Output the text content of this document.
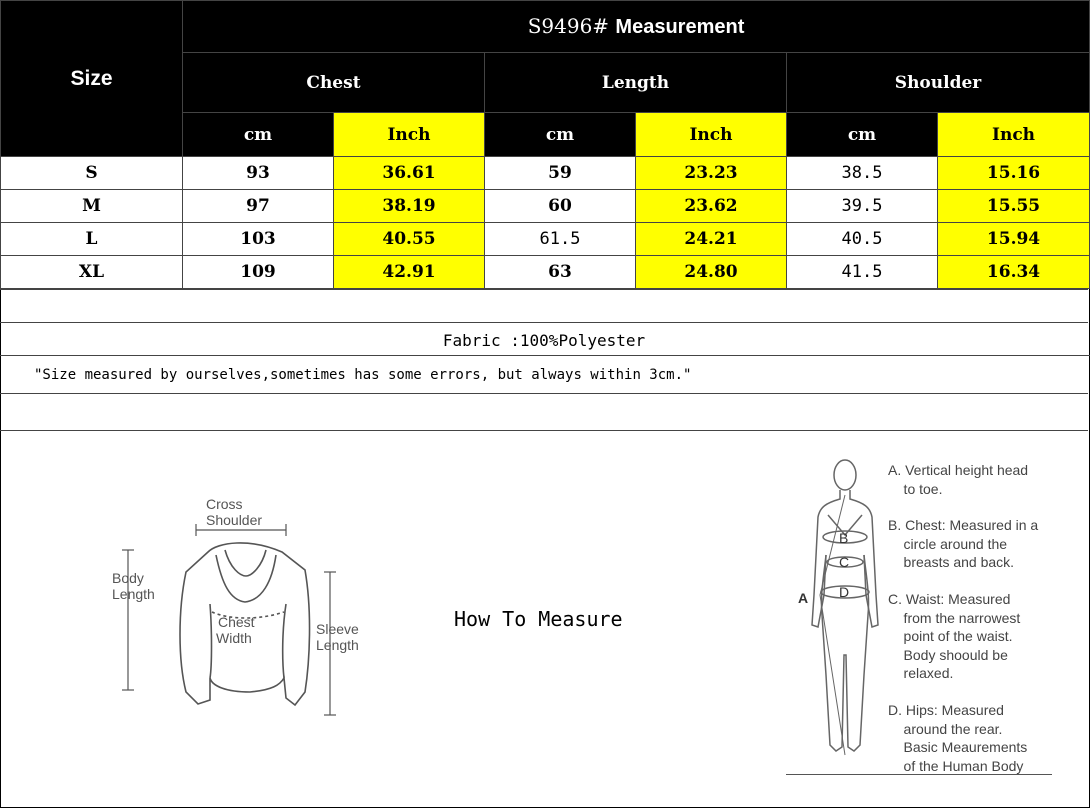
Size	S9496# Measurement					
	Chest		Length		Shoulder	
	cm	Inch	cm	Inch	cm	Inch
S	93	36.61	59	23.23	38.5	15.16
M	97	38.19	60	23.62	39.5	15.55
L	103	40.55	61.5	24.21	40.5	15.94
XL	109	42.91	63	24.80	41.5	16.34
Fabric :100%Polyester
"Size measured by ourselves,sometimes has some errors, but always within 3cm."
Cross
Shoulder
Body
Length
Chest
Width
Sleeve
Length
How To Measure
B
C
D
A
A. Vertical height head
to toe.
B. Chest: Measured in a
circle around the
breasts and back.
C. Waist: Measured
from the narrowest
point of the waist.
Body shoould be
relaxed.
D. Hips: Measured
around the rear.
Basic Meaurements
of the Human Body
